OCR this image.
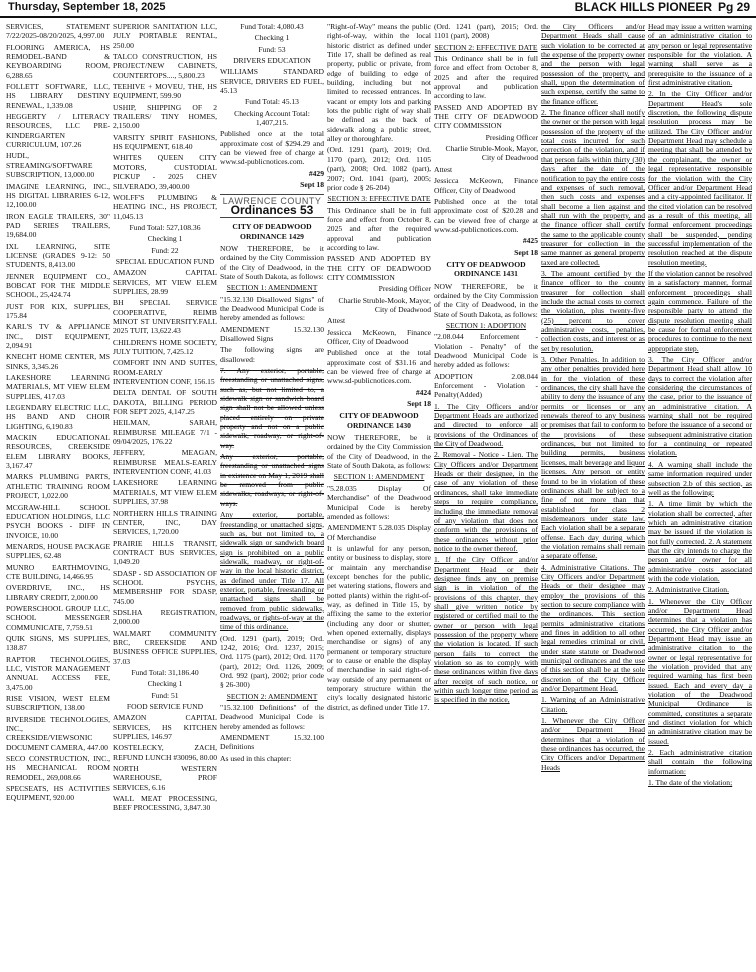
Thursday, September 18, 2025	BLACK HILLS PIONEER Pg 29

SERVICES, STATEMENT 7/22/2025-08/20/2025, 4,997.00

FLOORING AMERICA, HS REMODEL-BAND & KEYBOARDING ROOM, 6,288.65

FOLLETT SOFTWARE, LLC, HS LIBRARY DESTINY RENEWAL, 1,339.08

HEGGERTY / LITERACY RESOURCES, LLC PRE-KINDERGARTEN CURRICULUM, 107.26

HUDL, STREAMING/SOFTWARE SUBSCRIPTION, 13,000.00

IMAGINE LEARNING, INC., HS DIGITAL LIBRARIES 6-12, 12,100.00

IRON EAGLE TRAILERS, 30" PAD SERIES TRAILERS, 19,684.00

IXL LEARNING, SITE LICENSE (GRADES 9-12: 50 STUDENTS, 8,413.00

JENNER EQUIPMENT CO., BOBCAT FOR THE MIDDLE SCHOOL, 25,424.74

JUST FOR KIX, SUPPLIES, 175.84

KARL'S TV & APPLIANCE INC., DIST EQUIPMENT, 2,094.91

KNECHT HOME CENTER, MS SINKS, 3,345.26

LAKESHORE LEARNING MATERIALS, MT VIEW ELEM SUPPLIES, 417.03

LEGENDARY ELECTRIC LLC, HS BAND AND CHOIR LIGHTING, 6,190.83

MACKIN EDUCATIONAL RESOURCES, CREEKSIDE ELEM LIBRARY BOOKS, 3,167.47

MARKS PLUMBING PARTS, ATHLETIC TRAINING ROOM PROJECT, 1,022.00

MCGRAW-HILL SCHOOL EDUCATION HOLDINGS, LLC PSYCH BOOKS - DIFF IN INVOICE, 10.00

MENARDS, HOUSE PACKAGE SUPPLIES, 62.48

MUNRO EARTHMOVING, CTE BUILDING, 14,466.95

OVERDRIVE, INC., HS LIBRARY CREDIT, 2,000.00

POWERSCHOOL GROUP LLC, SCHOOL MESSENGER COMMUNICATE, 7,759.51

QUIK SIGNS, MS SUPPLIES, 138.87

RAPTOR TECHNOLOGIES, LLC, VISTOR MANAGEMENT ANNUAL ACCESS FEE, 3,475.00

RISE VISION, WEST ELEM SUBSCRIPTION, 138.00

RIVERSIDE TECHNOLOGIES, INC., CREEKSIDE/VIEWSONIC DOCUMENT CAMERA, 447.00

SECO CONSTRUCTION, INC., HS MECHANICAL ROOM REMODEL, 269,008.66

SPECSEATS, HS ACTIVITIES EQUIPMENT, 920.00

SUPERIOR SANITATION LLC, JULY PORTABLE RENTAL, 250.00

TALCO CONSTRUCTION, HS PROJECT/NEW CABINETS, COUNTERTOPS...., 5,800.23

TEEHIVE + MOVEU, THE, HS EQUIPMENT, 599.90

USHIP, SHIPPING OF 2 TRAILERS/ TINY HOMES, 2,150.00

VARSITY SPIRIT FASHIONS, HS EQUIPMENT, 618.40

WHITES QUEEN CITY MOTORS, CUSTODIAL PICKUP - 2025 CHEV SILVERADO, 39,400.00

WOLFF'S PLUMBING & HEATING INC., HS PROJECT, 11,045.13

Fund Total: 527,108.36

Checking 1

Fund: 22

SPECIAL EDUCATION FUND

AMAZON CAPITAL SERVICES, MT VIEW ELEM SUPPLIES, 28.99

BH SPECIAL SERVICE COOPERATIVE, REIMB MINOT ST UNIVERSITY.FALL 2025 TUIT, 13,622.43

CHILDREN'S HOME SOCIETY, JULY TUITION, 7,425.12

COMFORT INN AND SUITES, ROOM-EARLY INTERVENTION CONF, 156.15

DELTA DENTAL OF SOUTH DAKOTA, BILLING PERIOD FOR SEPT 2025, 4,147.25

HEILMAN, SARAH, REIMBURSE MILEAGE 7/1 - 09/04/2025, 176.22

JEFFERY, MEAGAN, REIMBURSE MEALS-EARLY INTERVENTION CONF, 41.03

LAKESHORE LEARNING MATERIALS, MT VIEW ELEM SUPPLIES, 37.98

NORTHERN HILLS TRAINING CENTER, INC, DAY SERVICES, 1,720.00

PRAIRIE HILLS TRANSIT, CONTRACT BUS SERVICES, 1,049.20

SDASP - SD ASSOCIATION OF SCHOOL PSYCHS, MEMBERSHIP FOR SDASP, 745.00

SDSLHA REGISTRATION, 2,000.00

WALMART COMMUNITY BRC, CREEKSIDE AND BUSINESS OFFICE SUPPLIES, 37.03

Fund Total: 31,186.40

Checking 1

Fund: 51

FOOD SERVICE FUND

AMAZON CAPITAL SERVICES, HS KITCHEN SUPPLIES, 146.97

KOSTELECKY, ZACH, REFUND LUNCH #30096, 80.00

NORTH WESTERN WAREHOUSE, PROF SERVICES, 6.16

WALL MEAT PROCESSING, BEEF PROCESSING, 3,847.30

Fund Total: 4,080.43

Checking 1

Fund: 53

DRIVERS EDUCATION

WILLIAMS STANDARD SERVICE, DRIVERS ED FUEL, 45.13

Fund Total: 45.13

Checking Account Total: 1,407,215.

Published once at the total approximate cost of $294.29 and can be viewed free of charge at www.sd-publicnotices.com.

#429

Sept 18

LAWRENCE COUNTY
Ordinances 53

CITY OF DEADWOOD ORDINANCE 1429

NOW THEREFORE, be it ordained by the City Commission of the City of Deadwood, in the State of South Dakota, as follows:

SECTION 1: AMENDMENT

"15.32.130 Disallowed Signs" of the Deadwood Municipal Code is hereby amended as follows:

AMENDMENT 15.32.130 Disallowed Signs

The following signs are disallowed:

7. Any exterior, portable, freestanding or unattached signs, such as, but not limited to, a sidewalk sign or sandwich board sign shall not be allowed unless placed entirely on private property and not on a public sidewalk, roadway, or right-of-way.

Any exterior, portable, freestanding or unattached signs in existence on May 1, 2019 shall be removed from public sidewalks, roadways, or right-of-ways.

Any exterior, portable, freestanding or unattached signs, such as, but not limited to, a sidewalk sign or sandwich board sign is prohibited on a public sidewalk, roadway, or right-of-way in the local historic district, as defined under Title 17. All exterior, portable, freestanding or unattached signs shall be removed from public sidewalks, roadways, or rights-of-way at the time of this ordinance.

(Ord. 1291 (part), 2019; Ord. 1242, 2016; Ord. 1237, 2015; Ord. 1175 (part), 2012; Ord. 1170 (part), 2012; Ord. 1126, 2009; Ord. 992 (part), 2002; prior code § 26-300)

SECTION 2: AMENDMENT

"15.32.100 Definitions" of the Deadwood Municipal Code is hereby amended as follows:

AMENDMENT 15.32.100 Definitions

As used in this chapter:

"Right-of-Way" means the public right-of-way, within the local historic district as defined under Title 17, shall be defined as real property, public or private, from edge of building to edge of building, including but not limited to recessed entrances. In vacant or empty lots and parking lots the public right of way shall be defined as the back of sidewalk along a public street, alley or thoroughfare.

(Ord. 1291 (part), 2019; Ord. 1170 (part), 2012; Ord. 1105 (part), 2008; Ord. 1082 (part), 2007; Ord. 1041 (part), 2005; prior code § 26-204)

SECTION 3: EFFECTIVE DATE

This Ordinance shall be in full force and effect from October 8, 2025 and after the required approval and publication according to law.

PASSED AND ADOPTED BY THE CITY OF DEADWOOD CITY COMMISSION

Presiding Officer

Charlie Struble-Mook, Mayor, City of Deadwood

Attest

Jessicca McKeown, Finance Officer, City of Deadwood

Published once at the total approximate cost of $31.16 and can be viewed free of charge at www.sd-publicnotices.com.

#424

Sept 18

CITY OF DEADWOOD ORDINANCE 1430

NOW THEREFORE, be it ordained by the City Commission of the City of Deadwood, in the State of South Dakota, as follows:

SECTION 1: AMENDMENT

"5.28.035 Display Of Merchandise" of the Deadwood Municipal Code is hereby amended as follows:

AMENDMENT 5.28.035 Display Of Merchandise

It is unlawful for any person, entity or business to display, store or maintain any merchandise (except benches for the public, pet watering stations, flowers and potted plants) within the right-of-way, as defined in Title 15, by affixing the same to the exterior (including any door or shutter, when opened externally, displays merchandise or signs) of any permanent or temporary structure or to cause or enable the display of merchandise in said right-of-way outside of any permanent or temporary structure within the city's locally designated historic district, as defined under Title 17.

(Ord. 1241 (part), 2015; Ord. 1101 (part), 2008)

SECTION 2: EFFECTIVE DATE

This Ordinance shall be in full force and effect from October 8, 2025 and after the required approval and publication according to law.

PASSED AND ADOPTED BY THE CITY OF DEADWOOD CITY COMMISSION

Presiding Officer

Charlie Struble-Mook, Mayor, City of Deadwood

Attest

Jessicca McKeown, Finance Officer, City of Deadwood

Published once at the total approximate cost of $20.28 and can be viewed free of charge at www.sd-publicnotices.com.

#425

Sept 18

CITY OF DEADWOOD ORDINANCE 1431

NOW THEREFORE, be it ordained by the City Commission of the City of Deadwood, in the State of South Dakota, as follows:

SECTION 1: ADOPTION

"2.08.044 Enforcement - Violation - Penalty" of the Deadwood Municipal Code is hereby added as follows:

ADOPTION 2.08.044 Enforcement - Violation - Penalty(Added)

1. The City Officers and/or Department Heads are authorized and directed to enforce all provisions of the Ordinances of the City of Deadwood.

2. Removal - Notice - Lien. The City Officers and/or Department Heads or their designee, in the case of any violation of these ordinances, shall take immediate steps to require compliance, including the immediate removal of any violation that does not conform with the provisions of these ordinances without prior notice to the owner thereof.

1. If the City Officer and/or Department Head or their designee finds any on premise sign is in violation of the provisions of this chapter, they shall give written notice by registered or certified mail to the owner or person with legal possession of the property where the violation is located. If such person fails to correct the violation so as to comply with these ordinances within five days after receipt of such notice, or within such longer time period as is specified in the notice,

the City Officers and/or Department Heads shall cause such violation to be corrected at the expense of the property owner and the person with legal possession of the property, and shall, upon the determination of such expense, certify the same to the finance officer.

2. The finance officer shall notify the owner or the person with legal possession of the property of the total costs incurred for such correction of the violation, and if that person fails within thirty (30) days after the date of the notification to pay the entire costs and expenses of such removal, then such costs and expenses shall become a lien against and shall run with the property, and the finance officer shall certify the same to the applicable county treasurer for collection in the same manner as general property taxed are collected.

3. The amount certified by the finance officer to the county treasurer for collection shall include the actual costs to correct the violation, plus twenty-five (25) percent to cover administrative costs, penalties, collection costs, and interest or as set by resolution.

3. Other Penalties. In addition to any other penalties provided here in for the violation of these ordinances, the city shall have the ability to deny the issuance of any permits or licenses or any renewals thereof to any business or premises that fail to conform to the provisions of these ordinances, but not limited to building permits, business licenses, malt beverage and liquor licenses. Any person or entity found to be in violation of these ordinances shall be subject to a fine of not more than that established for class 2 misdemeanors under state law. Each violation shall be a separate offense. Each day during which the violation remains shall remain a separate offense.

4. Administrative Citations. The City Officers and/or Department Heads or their designee may employ the provisions of this section to secure compliance with the ordinances. This section permits administrative citations and fines in addition to all other legal remedies criminal or civil, under state statute or Deadwood municipal ordinances and the use of this section shall be at the sole discretion of the City Officer and/or Department Head.

1. Warning of an Administrative Citation.

1. Whenever the City Officer and/or Department Head determines that a violation of these ordinances has occurred, the City Officers and/or Department Heads

Head may issue a written warning of an administrative citation to any person or legal representative responsible for the violation. A warning shall serve as a prerequisite to the issuance of a first administrative citation.

2. In the City Officer and/or Department Head's sole discretion, the following dispute resolution process may be utilized. The City Officer and/or Department Head may schedule a meeting that shall be attended by the complainant, the owner or legal representative responsible for the violation with the City Officer and/or Department Head and a city-appointed facilitator. If the cited violation can be resolved as a result of this meeting, all formal enforcement proceedings shall be suspended, pending successful implementation of the resolution reached at the dispute resolution meeting.

If the violation cannot be resolved in a satisfactory manner, formal enforcement proceedings shall again commence. Failure of the responsible party to attend the dispute resolution meeting shall be cause for formal enforcement procedures to continue to the next appropriate step.

3. The City Officer and/or Department Head shall allow 10 days to correct the violation after considering the circumstances of the case, prior to the issuance of an administrative citation. A warning shall not be required before the issuance of a second or subsequent administrative citation for a continuing or repeated violation.

4. A warning shall include the same information required under subsection 2.b of this section, as well as the following:

1. A time limit by which the violation shall be corrected, after which an administrative citation may be issued if the violation is not fully corrected. 2. A statement that the city intends to charge the person and/or owner for all administrative costs associated with the code violation.

2. Administrative Citation.

1. Whenever the City Officer and/or Department Head determines that a violation has occurred, the City Officer and/or Department Head may issue an administrative citation to the owner or legal representative for the violation provided that any required warning has first been issued. Each and every day a violation of the Deadwood Municipal Ordinance is committed, constitutes a separate and distinct violation for which an administrative citation may be issued.

2. Each administrative citation shall contain the following information:

1. The date of the violation;
